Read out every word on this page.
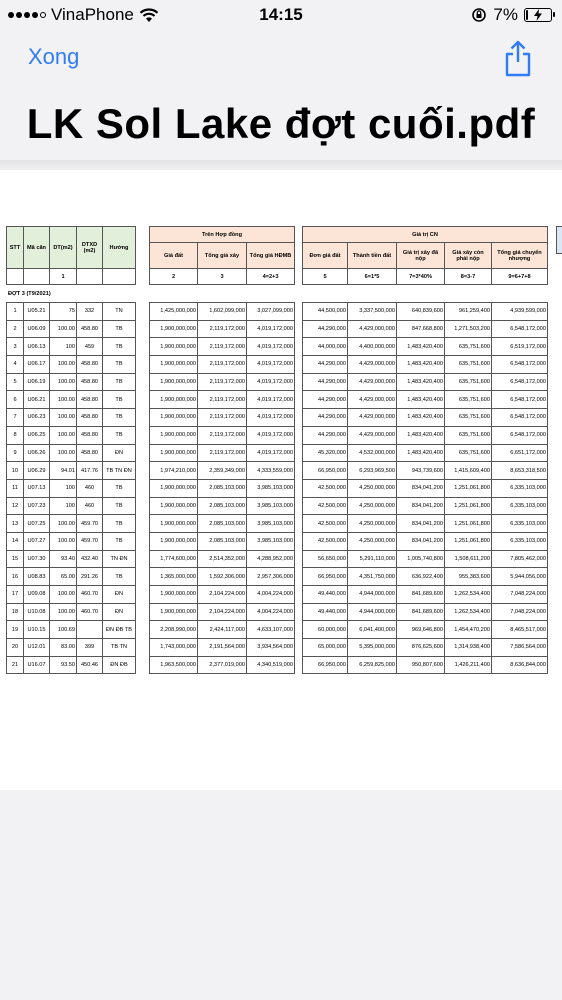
VinaPhone	14:15	7%
Xong
LK Sol Lake đợt cuối.pdf
STT	Mã căn	DT(m2)	DTXD (m2)	Hướng
		1		

1	U05.21	75	332	TN
2	U06.09	100.00	458.80	TB
3	U06.13	100	459	TB
4	U06.17	100.00	458.80	TB
5	U06.19	100.00	458.80	TB
6	U06.21	100.00	458.80	TB
7	U06.23	100.00	458.80	TB
8	U06.25	100.00	458.80	TB
9	U06.26	100.00	458.80	ĐN
10	U06.29	94.01	417.76	TB TN ĐN
11	U07.13	100	460	TB
12	U07.23	100	460	TB
13	U07.25	100.00	459.70	TB
14	U07.27	100.00	459.70	TB
15	U07.30	93.40	432.40	TN ĐN
16	U08.83	65.00	291.26	TB
17	U09.08	100.00	460.70	ĐN
18	U10.08	100.00	460.70	ĐN
19	U10.15	100.69		ĐN ĐB TB
20	U12.01	83.00	399	TB TN
21	U16.07	93.50	450.46	ĐN ĐB
ĐỢT 3 (T9/2021)
Trên Hợp đồng		
Giá đất	Tổng giá xây	Tổng giá HĐMB
2	3	4=2+3

1,425,000,000	1,602,099,000	3,027,099,000
1,900,000,000	2,119,172,000	4,019,172,000
1,900,000,000	2,119,172,000	4,019,172,000
1,900,000,000	2,119,172,000	4,019,172,000
1,900,000,000	2,119,172,000	4,019,172,000
1,900,000,000	2,119,172,000	4,019,172,000
1,900,000,000	2,119,172,000	4,019,172,000
1,900,000,000	2,119,172,000	4,019,172,000
1,900,000,000	2,119,172,000	4,019,172,000
1,974,210,000	2,359,349,000	4,333,559,000
1,900,000,000	2,085,103,000	3,985,103,000
1,900,000,000	2,085,103,000	3,985,103,000
1,900,000,000	2,085,103,000	3,985,103,000
1,900,000,000	2,085,103,000	3,985,103,000
1,774,600,000	2,514,352,000	4,288,952,000
1,365,000,000	1,592,306,000	2,957,306,000
1,900,000,000	2,104,224,000	4,004,224,000
1,900,000,000	2,104,224,000	4,004,224,000
2,208,990,000	2,424,117,000	4,633,107,000
1,743,000,000	2,191,564,000	3,934,564,000
1,963,500,000	2,377,019,000	4,340,519,000
Giá trị CN				
Đơn giá đất	Thành tiền đất	Giá trị xây đã nộp	Giá xây còn phải nộp	Tổng giá chuyển nhượng
5	6=1*5	7=3*40%	8=3-7	9=6+7+8

44,500,000	3,337,500,000	640,839,600	961,259,400	4,939,599,000
44,290,000	4,429,000,000	847,668,800	1,271,503,200	6,548,172,000
44,000,000	4,400,000,000	1,483,420,400	635,751,600	6,519,172,000
44,290,000	4,429,000,000	1,483,420,400	635,751,600	6,548,172,000
44,290,000	4,429,000,000	1,483,420,400	635,751,600	6,548,172,000
44,290,000	4,429,000,000	1,483,420,400	635,751,600	6,548,172,000
44,290,000	4,429,000,000	1,483,420,400	635,751,600	6,548,172,000
44,290,000	4,429,000,000	1,483,420,400	635,751,600	6,548,172,000
45,320,000	4,532,000,000	1,483,420,400	635,751,600	6,651,172,000
66,950,000	6,293,969,500	943,739,600	1,415,609,400	8,653,318,500
42,500,000	4,250,000,000	834,041,200	1,251,061,800	6,335,103,000
42,500,000	4,250,000,000	834,041,200	1,251,061,800	6,335,103,000
42,500,000	4,250,000,000	834,041,200	1,251,061,800	6,335,103,000
42,500,000	4,250,000,000	834,041,200	1,251,061,800	6,335,103,000
56,650,000	5,291,110,000	1,005,740,800	1,508,611,200	7,805,462,000
66,950,000	4,351,750,000	636,922,400	955,383,600	5,944,056,000
49,440,000	4,944,000,000	841,689,600	1,262,534,400	7,048,224,000
49,440,000	4,944,000,000	841,689,600	1,262,534,400	7,048,224,000
60,000,000	6,041,400,000	969,646,800	1,454,470,200	8,465,517,000
65,000,000	5,395,000,000	876,625,600	1,314,938,400	7,586,564,000
66,950,000	6,259,825,000	950,807,600	1,426,211,400	8,636,844,000
